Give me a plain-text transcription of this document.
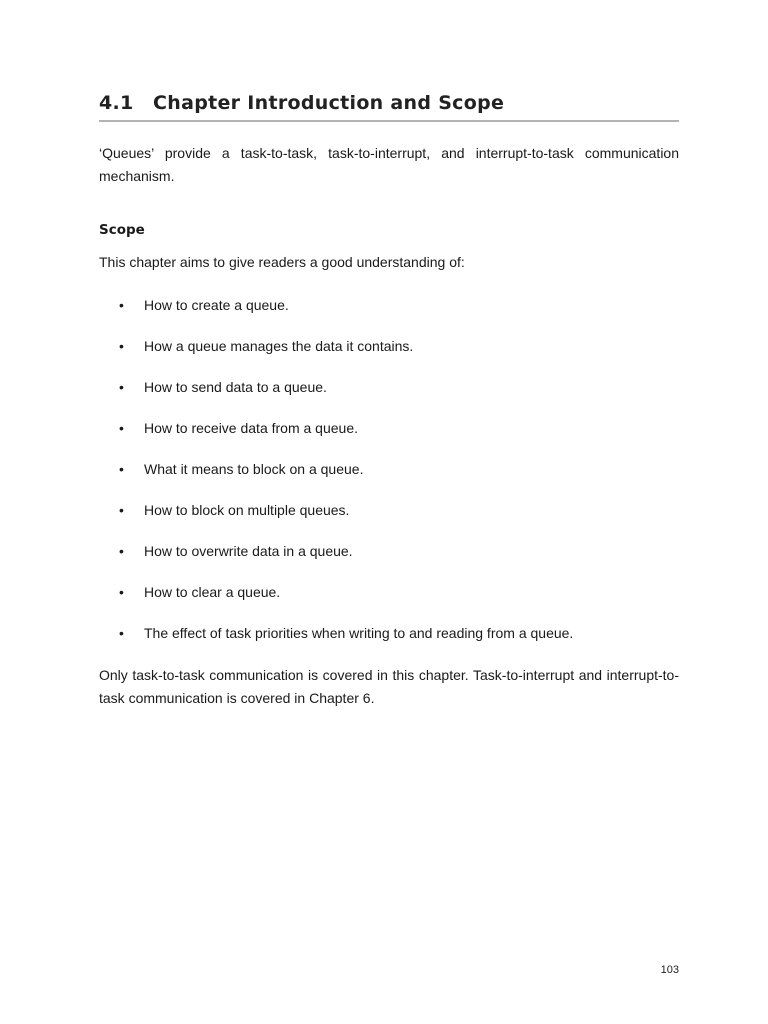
4.1 Chapter Introduction and Scope

‘Queues’ provide a task-to-task, task-to-interrupt, and interrupt-to-task communication mechanism.

Scope

This chapter aims to give readers a good understanding of:

• How to create a queue.
• How a queue manages the data it contains.
• How to send data to a queue.
• How to receive data from a queue.
• What it means to block on a queue.
• How to block on multiple queues.
• How to overwrite data in a queue.
• How to clear a queue.
• The effect of task priorities when writing to and reading from a queue.

Only task-to-task communication is covered in this chapter. Task-to-interrupt and interrupt-to-task communication is covered in Chapter 6.

103
